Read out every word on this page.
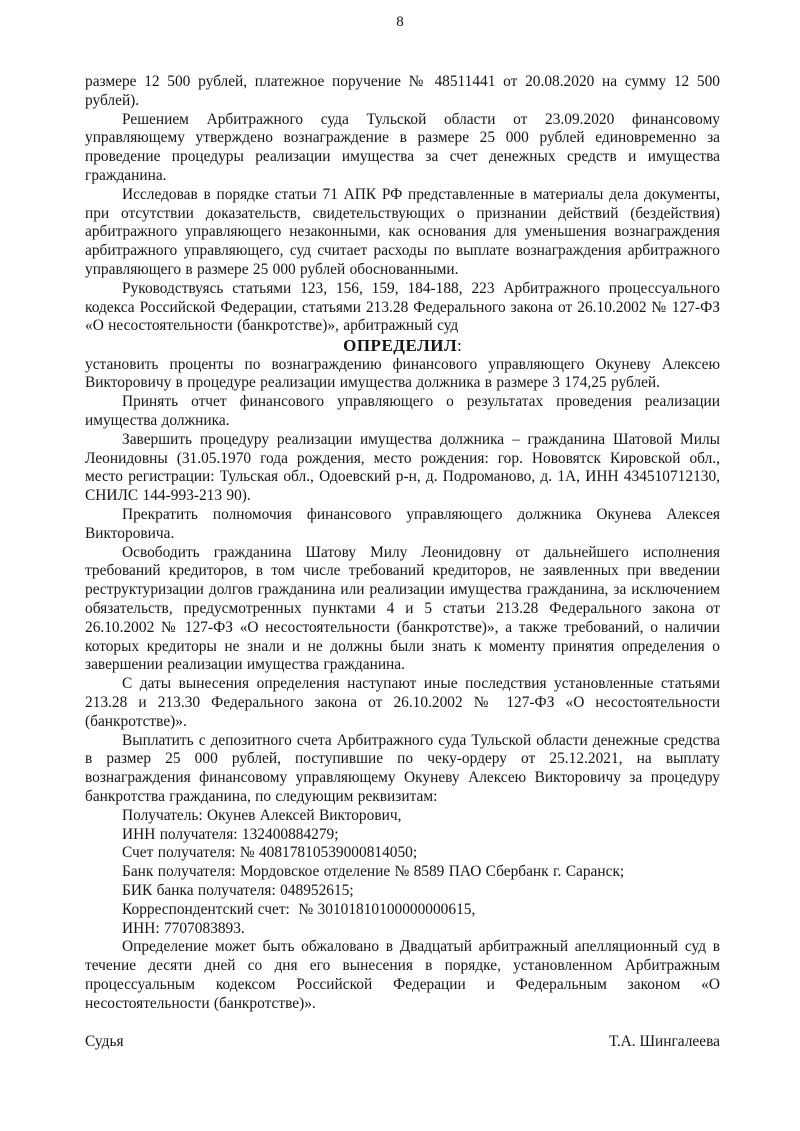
8

размере 12 500 рублей, платежное поручение № 48511441 от 20.08.2020 на сумму 12 500 рублей).

Решением Арбитражного суда Тульской области от 23.09.2020 финансовому управляющему утверждено вознаграждение в размере 25 000 рублей единовременно за проведение процедуры реализации имущества за счет денежных средств и имущества гражданина.

Исследовав в порядке статьи 71 АПК РФ представленные в материалы дела документы, при отсутствии доказательств, свидетельствующих о признании действий (бездействия) арбитражного управляющего незаконными, как основания для уменьшения вознаграждения арбитражного управляющего, суд считает расходы по выплате вознаграждения арбитражного управляющего в размере 25 000 рублей обоснованными.

Руководствуясь статьями 123, 156, 159, 184-188, 223 Арбитражного процессуального кодекса Российской Федерации, статьями 213.28 Федерального закона от 26.10.2002 № 127-ФЗ «О несостоятельности (банкротстве)», арбитражный суд

ОПРЕДЕЛИЛ:

установить проценты по вознаграждению финансового управляющего Окуневу Алексею Викторовичу в процедуре реализации имущества должника в размере 3 174,25 рублей.

Принять отчет финансового управляющего о результатах проведения реализации имущества должника.

Завершить процедуру реализации имущества должника – гражданина Шатовой Милы Леонидовны (31.05.1970 года рождения, место рождения: гор. Нововятск Кировской обл., место регистрации: Тульская обл., Одоевский р-н, д. Подроманово, д. 1А, ИНН 434510712130, СНИЛС 144-993-213 90).

Прекратить полномочия финансового управляющего должника Окунева Алексея Викторовича.

Освободить гражданина Шатову Милу Леонидовну от дальнейшего исполнения требований кредиторов, в том числе требований кредиторов, не заявленных при введении реструктуризации долгов гражданина или реализации имущества гражданина, за исключением обязательств, предусмотренных пунктами 4 и 5 статьи 213.28 Федерального закона от 26.10.2002 № 127-ФЗ «О несостоятельности (банкротстве)», а также требований, о наличии которых кредиторы не знали и не должны были знать к моменту принятия определения о завершении реализации имущества гражданина.

С даты вынесения определения наступают иные последствия установленные статьями 213.28 и 213.30 Федерального закона от 26.10.2002 № 127-ФЗ «О несостоятельности (банкротстве)».

Выплатить с депозитного счета Арбитражного суда Тульской области денежные средства в размер 25 000 рублей, поступившие по чеку-ордеру от 25.12.2021, на выплату вознаграждения финансовому управляющему Окуневу Алексею Викторовичу за процедуру банкротства гражданина, по следующим реквизитам:

Получатель: Окунев Алексей Викторович,

ИНН получателя: 132400884279;

Счет получателя: № 40817810539000814050;

Банк получателя: Мордовское отделение № 8589 ПАО Сбербанк г. Саранск;

БИК банка получателя: 048952615;

Корреспондентский счет:  № 30101810100000000615,

ИНН: 7707083893.

Определение может быть обжаловано в Двадцатый арбитражный апелляционный суд в течение десяти дней со дня его вынесения в порядке, установленном Арбитражным процессуальным кодексом Российской Федерации и Федеральным законом «О несостоятельности (банкротстве)».

Судья	Т.А. Шингалеева
